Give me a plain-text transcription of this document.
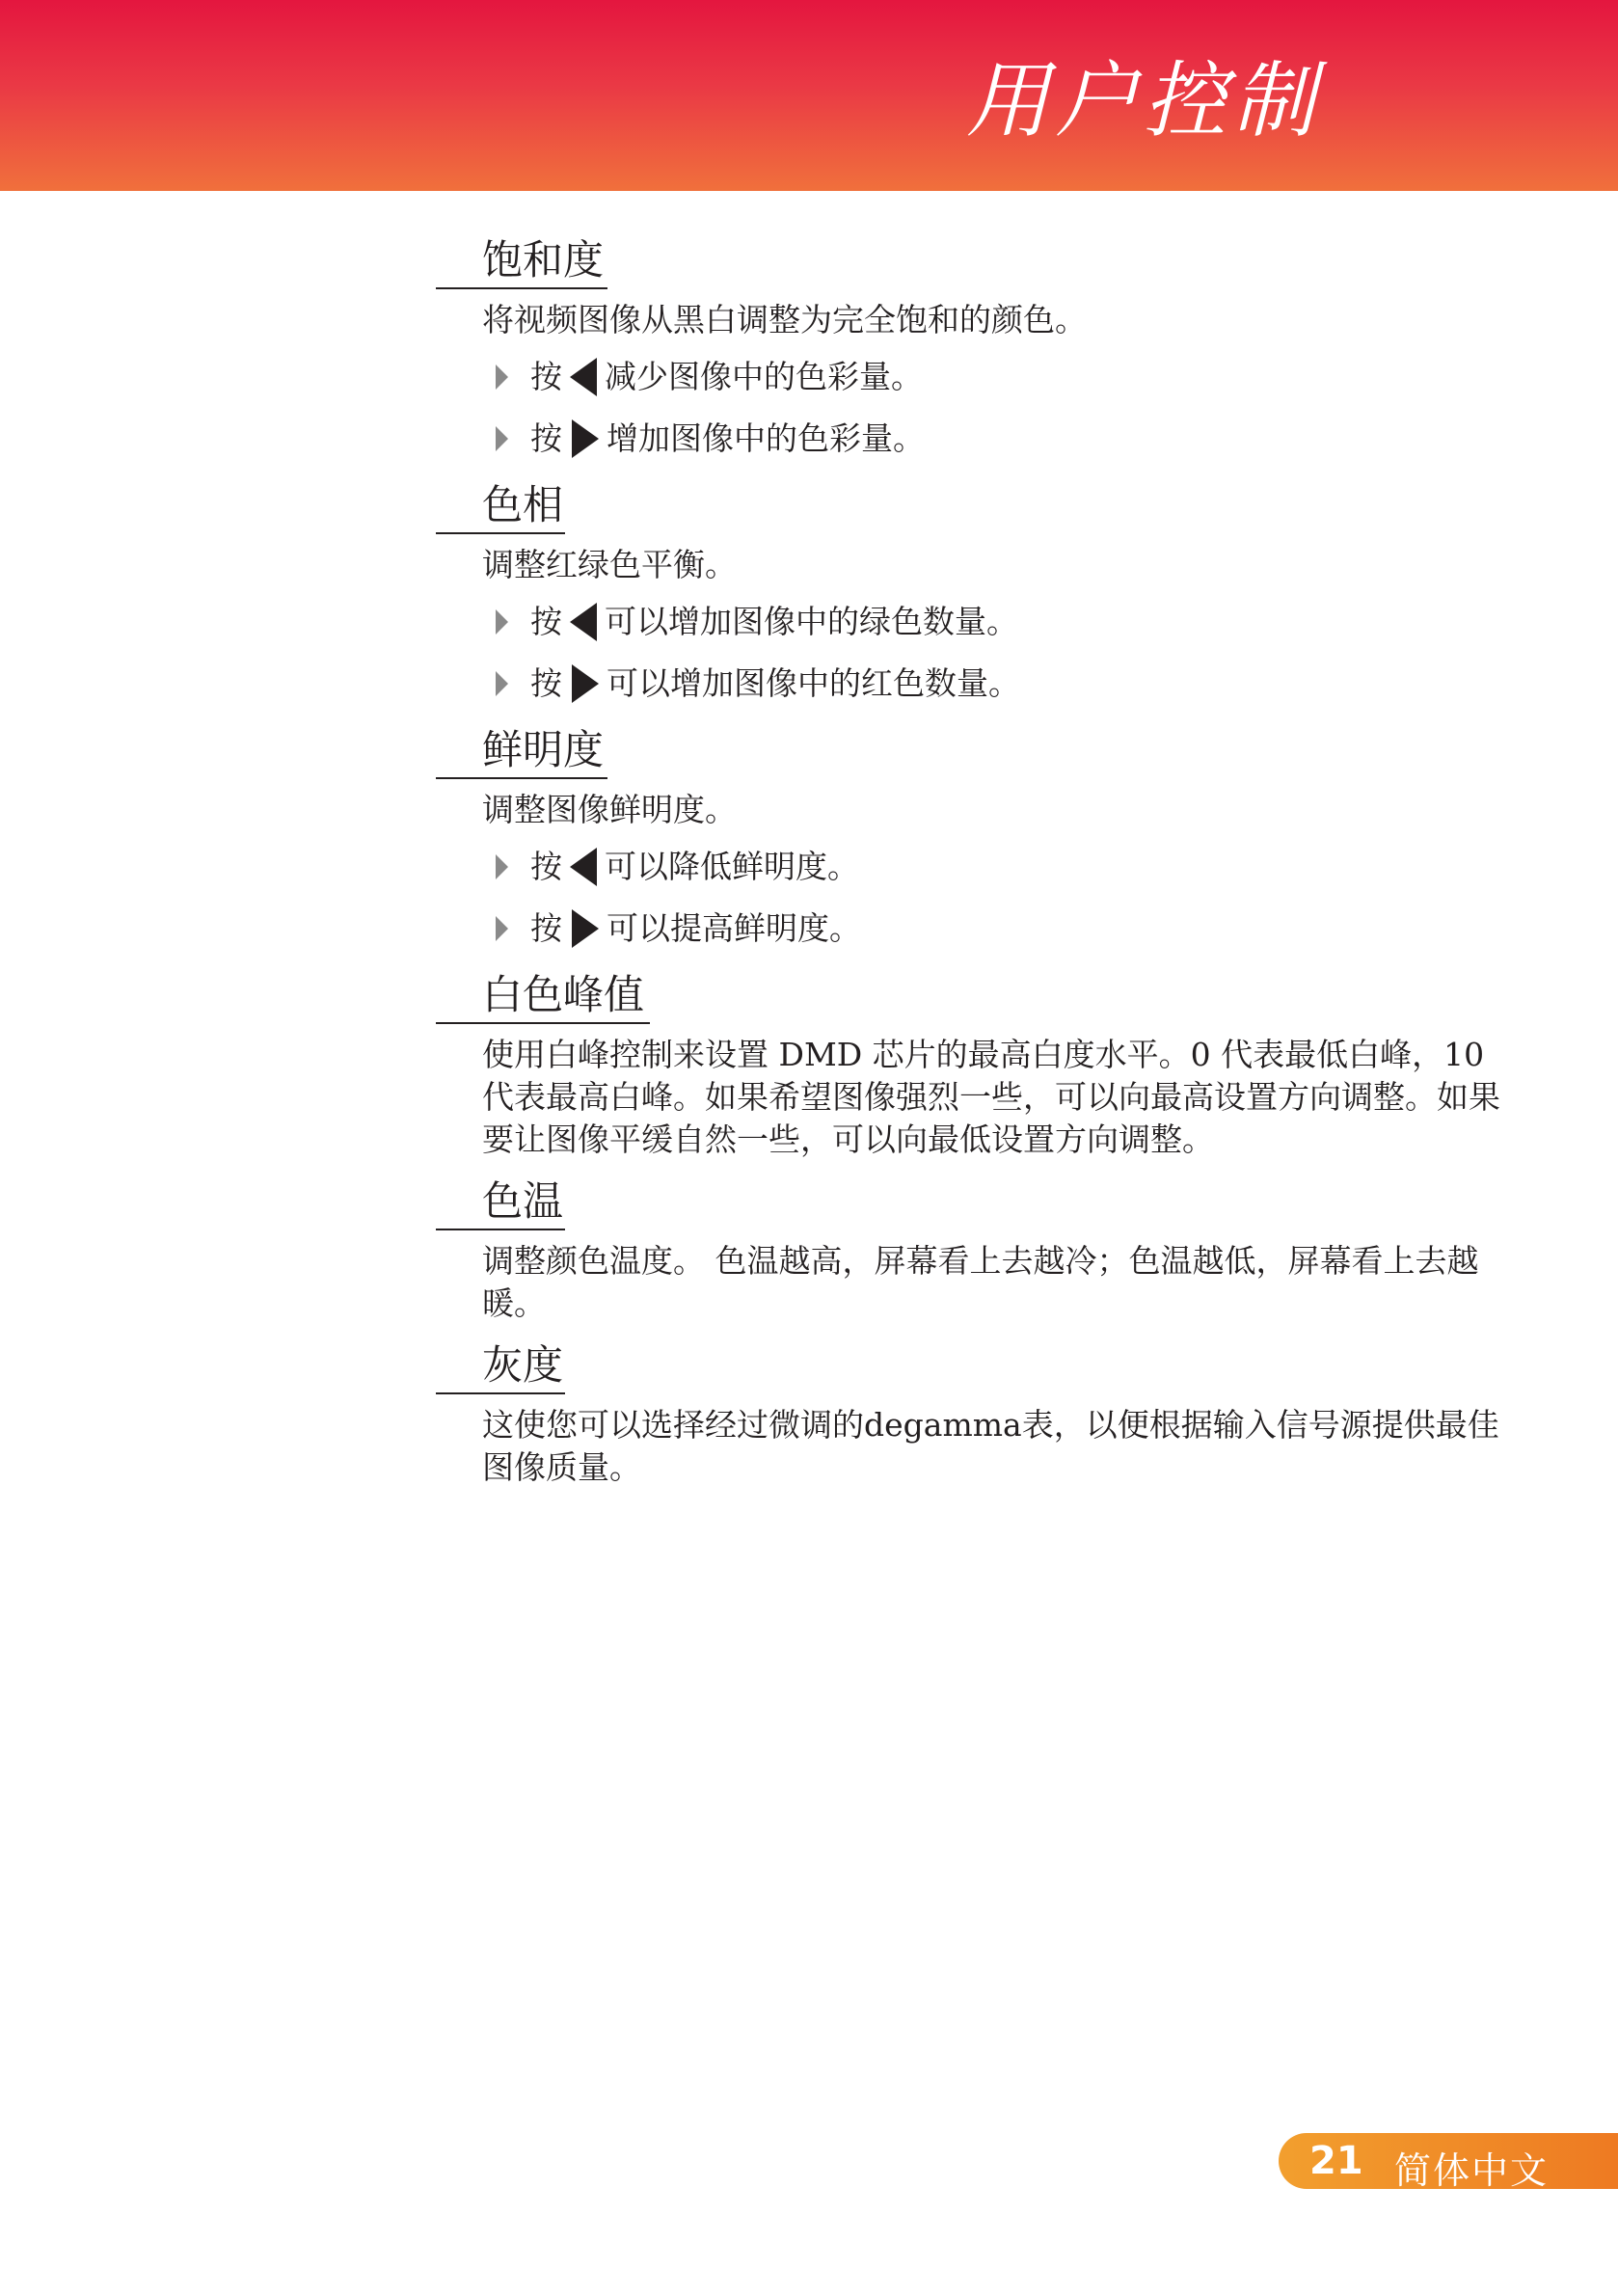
用户控制
饱和度
将视频图像从黑白调整为完全饱和的颜色。
按 减少图像中的色彩量。
按 增加图像中的色彩量。
色相
调整红绿色平衡。
按 可以增加图像中的绿色数量。
按 可以增加图像中的红色数量。
鲜明度
调整图像鲜明度。
按 可以降低鲜明度。
按 可以提高鲜明度。
白色峰值
使用白峰控制来设置 DMD 芯片的最高白度水平。0 代表最低白峰，10 代表最高白峰。如果希望图像强烈一些，可以向最高设置方向调整。如果要让图像平缓自然一些，可以向最低设置方向调整。
色温
调整颜色温度。 色温越高，屏幕看上去越冷；色温越低，屏幕看上去越暖。
灰度
这使您可以选择经过微调的degamma表，以便根据输入信号源提供最佳图像质量。
21 简体中文
